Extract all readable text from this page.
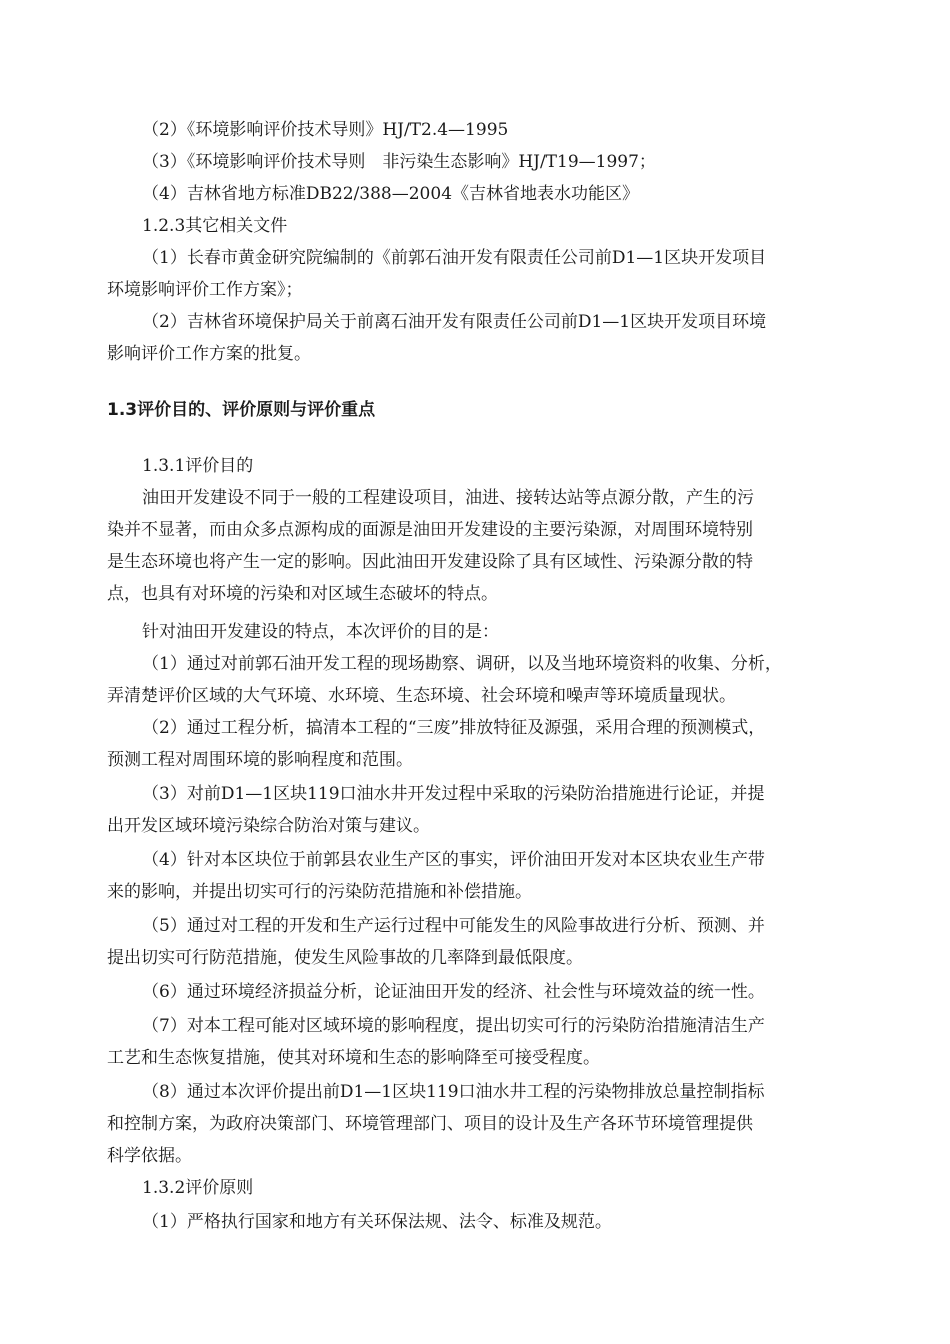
（2）《环境影响评价技术导则》HJ/T2.4—1995
（3）《环境影响评价技术导则　非污染生态影响》HJ/T19—1997；
（4）吉林省地方标准DB22/388—2004《吉林省地表水功能区》
1.2.3其它相关文件
（1）长春市黄金研究院编制的《前郭石油开发有限责任公司前D1—1区块开发项目
环境影响评价工作方案》；
（2）吉林省环境保护局关于前离石油开发有限责任公司前D1—1区块开发项目环境
影响评价工作方案的批复。
1.3评价目的、评价原则与评价重点
1.3.1评价目的
油田开发建设不同于一般的工程建设项目，油进、接转达站等点源分散，产生的污
染并不显著，而由众多点源构成的面源是油田开发建设的主要污染源，对周围环境特别
是生态环境也将产生一定的影响。因此油田开发建设除了具有区域性、污染源分散的特
点，也具有对环境的污染和对区域生态破坏的特点。
针对油田开发建设的特点，本次评价的目的是：
（1）通过对前郭石油开发工程的现场勘察、调研，以及当地环境资料的收集、分析，
弄清楚评价区域的大气环境、水环境、生态环境、社会环境和噪声等环境质量现状。
（2）通过工程分析，搞清本工程的“三废”排放特征及源强，采用合理的预测模式，
预测工程对周围环境的影响程度和范围。
（3）对前D1—1区块119口油水井开发过程中采取的污染防治措施进行论证，并提
出开发区域环境污染综合防治对策与建议。
（4）针对本区块位于前郭县农业生产区的事实，评价油田开发对本区块农业生产带
来的影响，并提出切实可行的污染防范措施和补偿措施。
（5）通过对工程的开发和生产运行过程中可能发生的风险事故进行分析、预测、并
提出切实可行防范措施，使发生风险事故的几率降到最低限度。
（6）通过环境经济损益分析，论证油田开发的经济、社会性与环境效益的统一性。
（7）对本工程可能对区域环境的影响程度，提出切实可行的污染防治措施清洁生产
工艺和生态恢复措施，使其对环境和生态的影响降至可接受程度。
（8）通过本次评价提出前D1—1区块119口油水井工程的污染物排放总量控制指标
和控制方案，为政府决策部门、环境管理部门、项目的设计及生产各环节环境管理提供
科学依据。
1.3.2评价原则
（1）严格执行国家和地方有关环保法规、法令、标准及规范。
